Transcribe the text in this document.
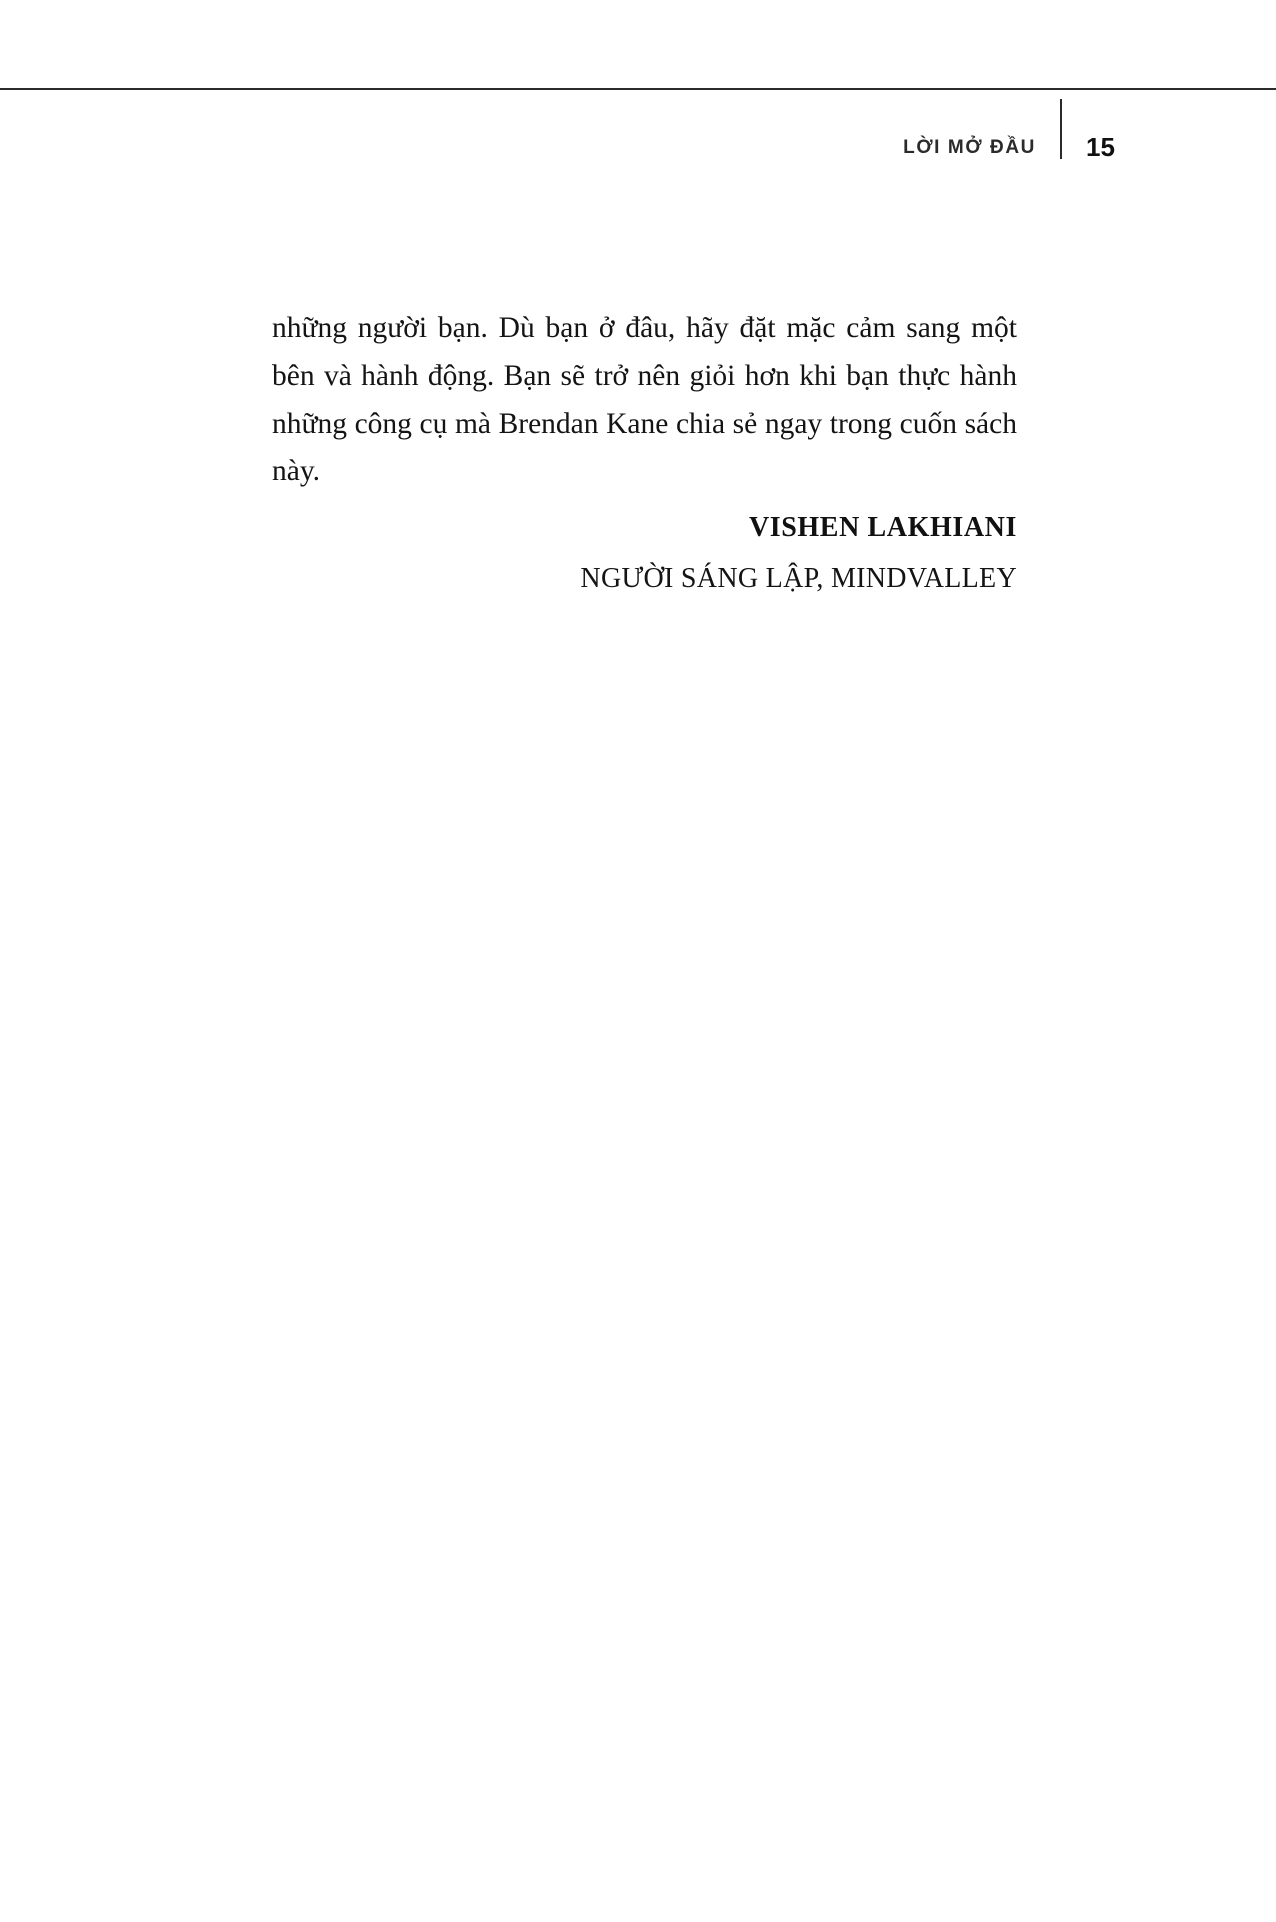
LỜI MỞ ĐẦU 15

những người bạn. Dù bạn ở đâu, hãy đặt mặc cảm sang một bên và hành động. Bạn sẽ trở nên giỏi hơn khi bạn thực hành những công cụ mà Brendan Kane chia sẻ ngay trong cuốn sách này.

VISHEN LAKHIANI

NGƯỜI SÁNG LẬP, MINDVALLEY
